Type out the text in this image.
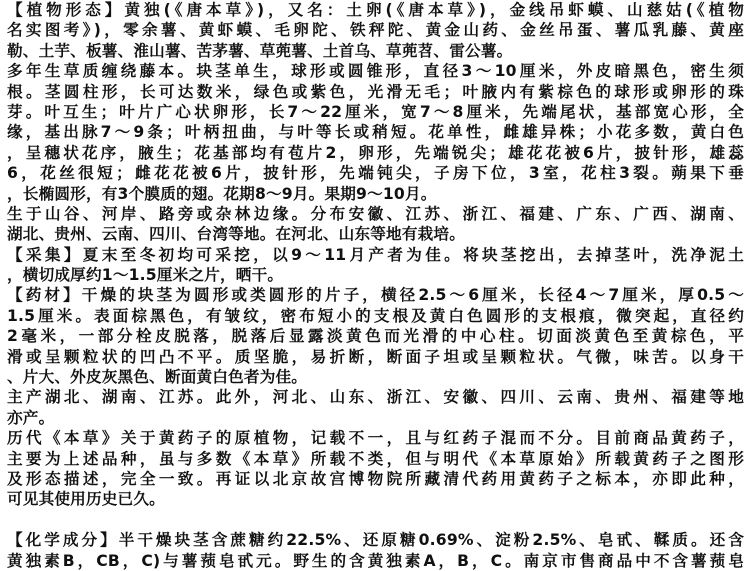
【植物形态】黄独(《唐本草》)，又名：土卵(《唐本草》)，金线吊虾蟆、山慈姑(《植物
名实图考》)，零余薯、黄虾蟆、毛卵陀、铁秤陀、黄金山药、金丝吊蛋、薯瓜乳藤、黄座
勒、土芋、板薯、淮山薯、苦茅薯、草蔸薯、土首乌、草蔸苕、雷公薯。
多年生草质缠绕藤本。块茎单生，球形或圆锥形，直径3～10厘米，外皮暗黑色，密生须
根。茎圆柱形，长可达数米，绿色或紫色，光滑无毛；叶腋内有紫棕色的球形或卵形的珠
芽。叶互生；叶片广心状卵形，长7～22厘米，宽7～8厘米，先端尾状，基部宽心形，全
缘，基出脉7～9条；叶柄扭曲，与叶等长或稍短。花单性，雌雄异株；小花多数，黄白色
，呈穗状花序，腋生；花基部均有苞片2，卵形，先端锐尖；雄花花被6片，披针形，雄蕊
6，花丝很短；雌花花被6片，披针形，先端钝尖，子房下位，3室，花柱3裂。蒴果下垂
，长椭圆形，有3个膜质的翅。花期8～9月。果期9～10月。
生于山谷、河岸、路旁或杂林边缘。分布安徽、江苏、浙江、福建、广东、广西、湖南、
湖北、贵州、云南、四川、台湾等地。在河北、山东等地有栽培。
【采集】夏末至冬初均可采挖，以9～11月产者为佳。将块茎挖出，去掉茎叶，洗净泥土
，横切成厚约1～1.5厘米之片，晒干。
【药材】干燥的块茎为圆形或类圆形的片子，横径2.5～6厘米，长径4～7厘米，厚0.5～
1.5厘米。表面棕黑色，有皱纹，密布短小的支根及黄白色圆形的支根痕，微突起，直径约
2毫米，一部分栓皮脱落，脱落后显露淡黄色而光滑的中心柱。切面淡黄色至黄棕色，平
滑或呈颗粒状的凹凸不平。质坚脆，易折断，断面子坦或呈颗粒状。气微，味苦。以身干
、片大、外皮灰黑色、断面黄白色者为佳。
主产湖北、湖南、江苏。此外，河北、山东、浙江、安徽、四川、云南、贵州、福建等地
亦产。
历代《本草》关于黄药子的原植物，记载不一，且与红药子混而不分。目前商品黄药子，
主要为上述品种，虽与多数《本草》所载不类，但与明代《本草原始》所载黄药子之图形
及形态描述，完全一致。再证以北京故宫博物院所藏清代药用黄药子之标本，亦即此种，
可见其使用历史已久。
【化学成分】半干燥块茎含蔗糖约22.5%、还原糖0.69%、淀粉2.5%、皂甙、鞣质。还含
黄独素B，CB，C)与薯蓣皂甙元。野生的含黄独素A，B，C。南京市售商品中不含薯蓣皂
